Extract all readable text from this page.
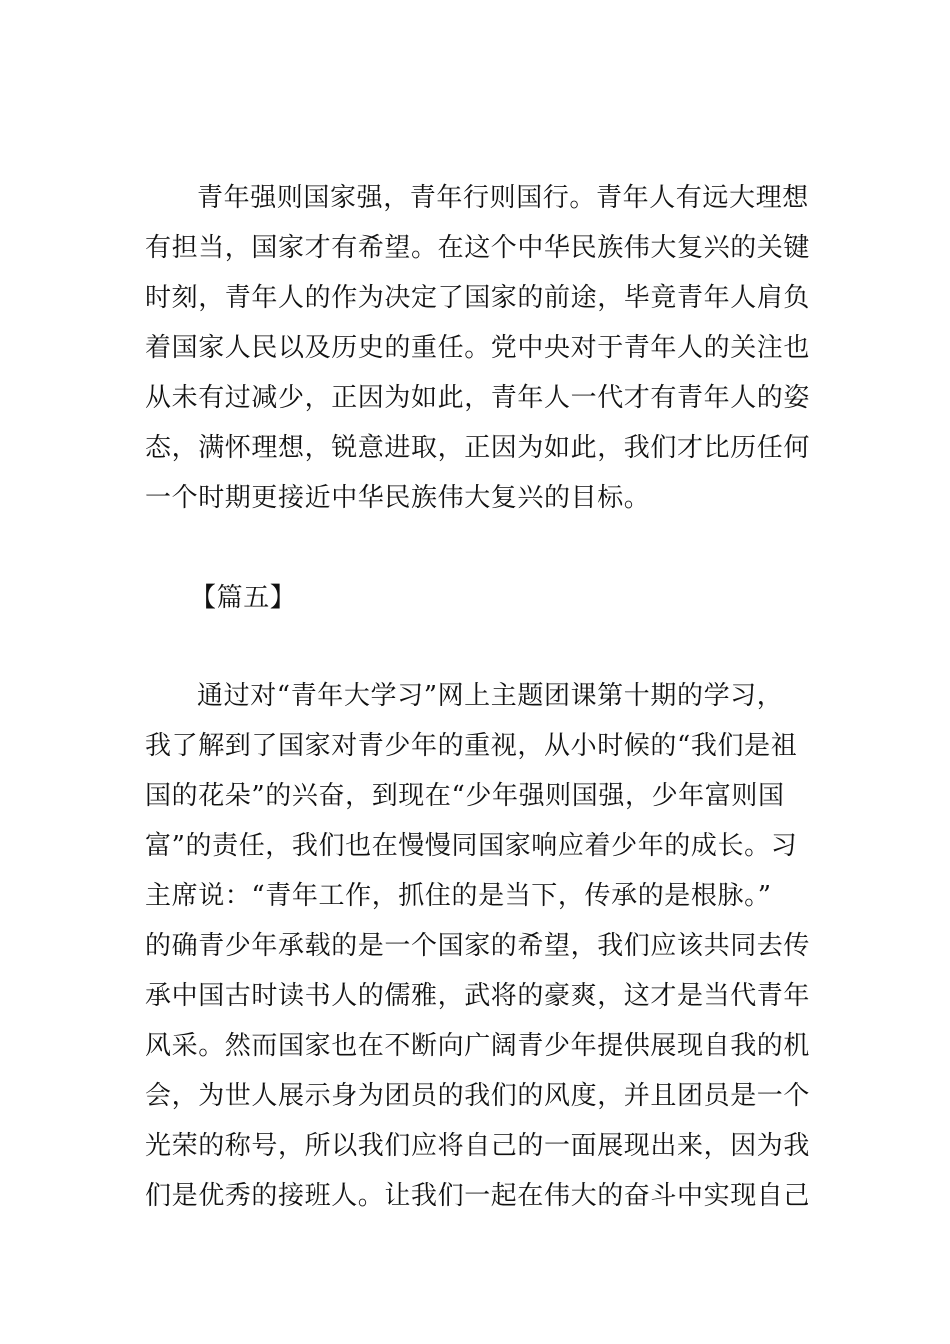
青年强则国家强，青年行则国行。青年人有远大理想
有担当，国家才有希望。在这个中华民族伟大复兴的关键
时刻，青年人的作为决定了国家的前途，毕竟青年人肩负
着国家人民以及历史的重任。党中央对于青年人的关注也
从未有过减少，正因为如此，青年人一代才有青年人的姿
态，满怀理想，锐意进取，正因为如此，我们才比历任何
一个时期更接近中华民族伟大复兴的目标。
【篇五】
通过对“青年大学习”网上主题团课第十期的学习，
我了解到了国家对青少年的重视，从小时候的“我们是祖
国的花朵”的兴奋，到现在“少年强则国强，少年富则国
富”的责任，我们也在慢慢同国家响应着少年的成长。习
主席说：“青年工作，抓住的是当下，传承的是根脉。”
的确青少年承载的是一个国家的希望，我们应该共同去传
承中国古时读书人的儒雅，武将的豪爽，这才是当代青年
风采。然而国家也在不断向广阔青少年提供展现自我的机
会，为世人展示身为团员的我们的风度，并且团员是一个
光荣的称号，所以我们应将自己的一面展现出来，因为我
们是优秀的接班人。让我们一起在伟大的奋斗中实现自己
